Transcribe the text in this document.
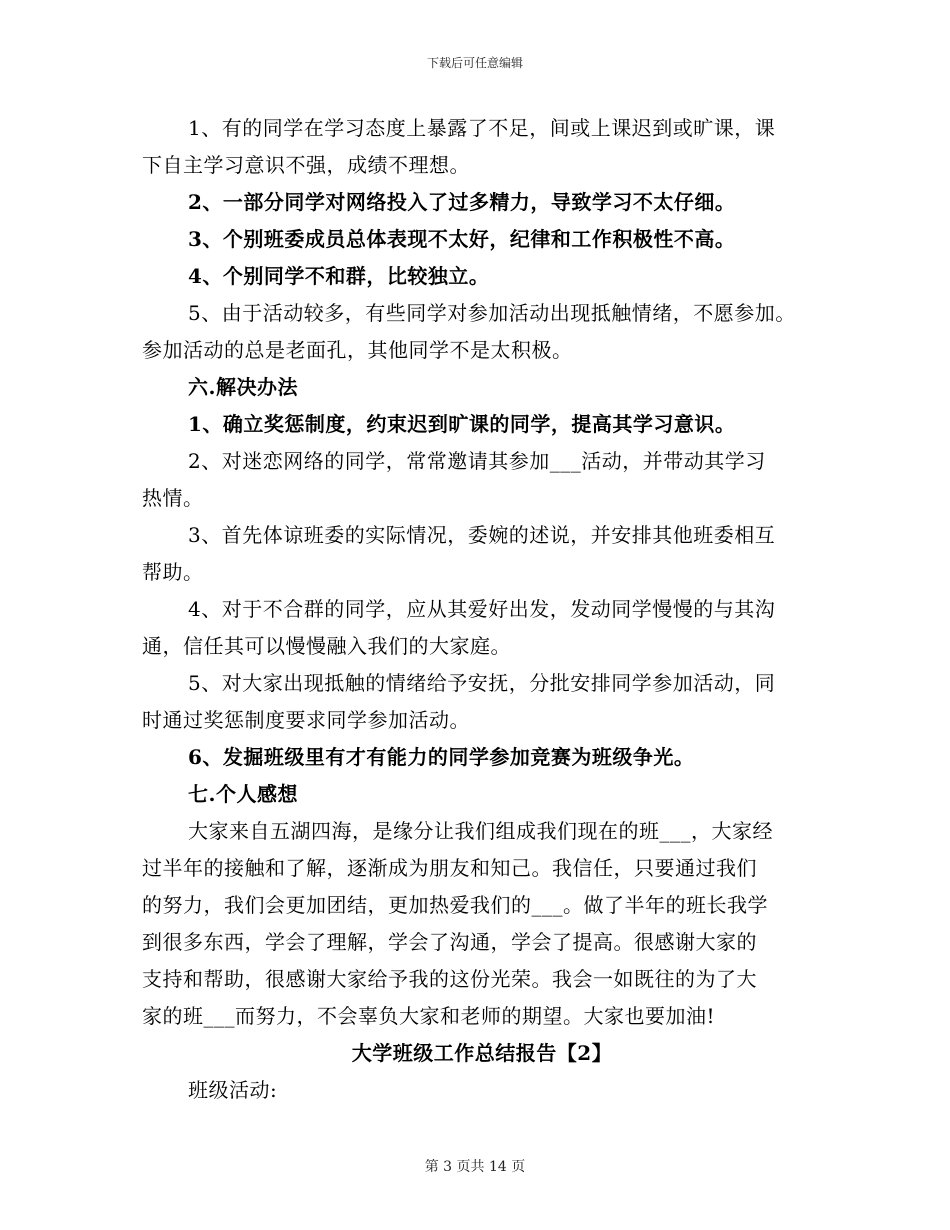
下载后可任意编辑
1、有的同学在学习态度上暴露了不足，间或上课迟到或旷课，课
下自主学习意识不强，成绩不理想。
2、一部分同学对网络投入了过多精力，导致学习不太仔细。
3、个别班委成员总体表现不太好，纪律和工作积极性不高。
4、个别同学不和群，比较独立。
5、由于活动较多，有些同学对参加活动出现抵触情绪，不愿参加。
参加活动的总是老面孔，其他同学不是太积极。
六.解决办法
1、确立奖惩制度，约束迟到旷课的同学，提高其学习意识。
2、对迷恋网络的同学，常常邀请其参加___活动，并带动其学习
热情。
3、首先体谅班委的实际情况，委婉的述说，并安排其他班委相互
帮助。
4、对于不合群的同学，应从其爱好出发，发动同学慢慢的与其沟
通，信任其可以慢慢融入我们的大家庭。
5、对大家出现抵触的情绪给予安抚，分批安排同学参加活动，同
时通过奖惩制度要求同学参加活动。
6、发掘班级里有才有能力的同学参加竞赛为班级争光。
七.个人感想
大家来自五湖四海，是缘分让我们组成我们现在的班___，大家经
过半年的接触和了解，逐渐成为朋友和知己。我信任，只要通过我们
的努力，我们会更加团结，更加热爱我们的___。做了半年的班长我学
到很多东西，学会了理解，学会了沟通，学会了提高。很感谢大家的
支持和帮助，很感谢大家给予我的这份光荣。我会一如既往的为了大
家的班___而努力，不会辜负大家和老师的期望。大家也要加油!
大学班级工作总结报告【2】
班级活动:
第 3 页共 14 页
